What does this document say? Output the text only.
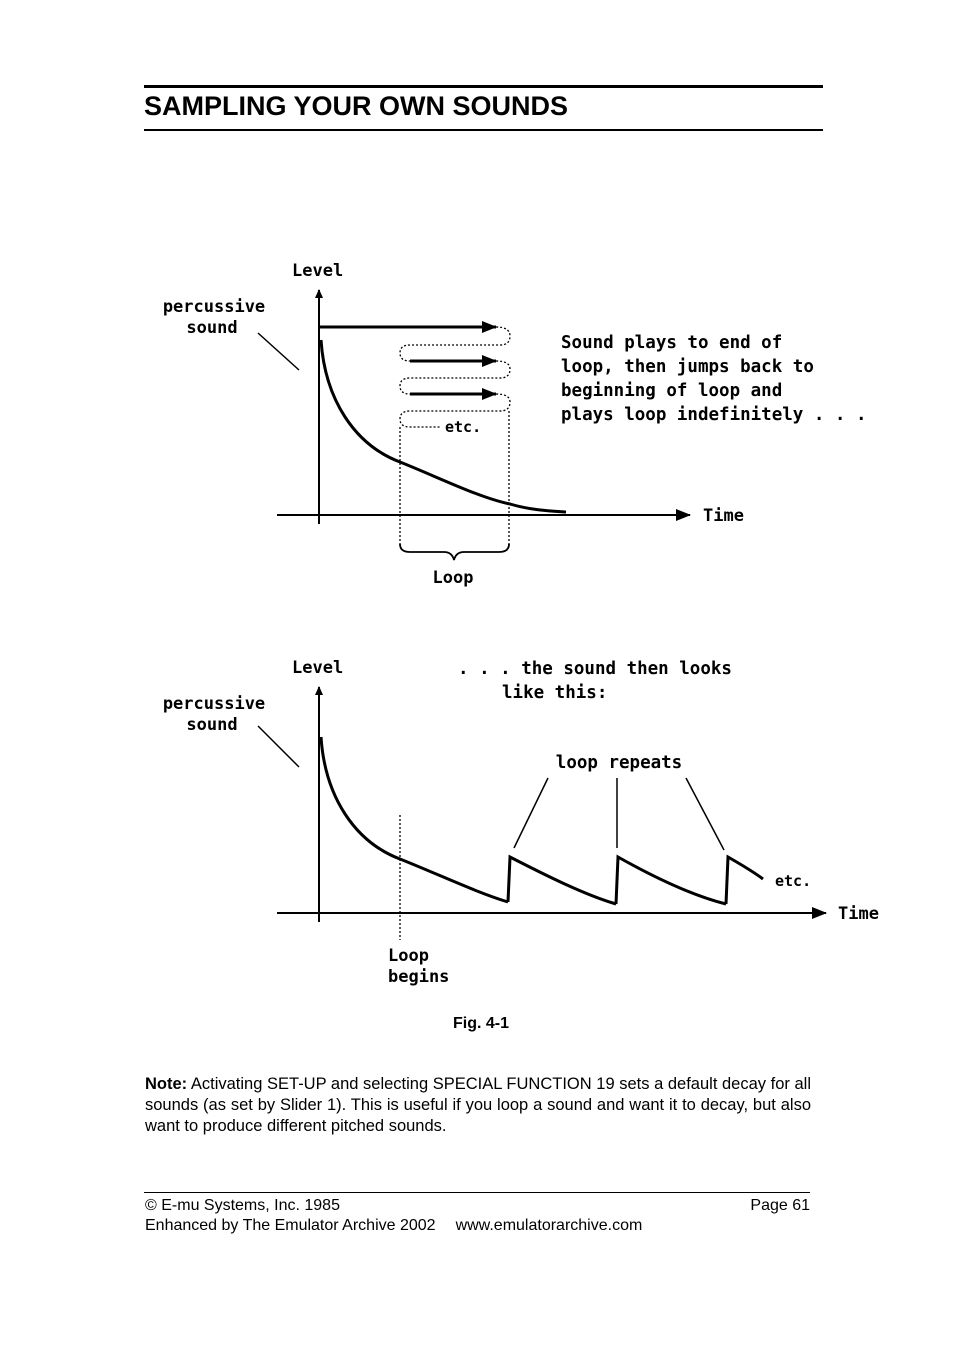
SAMPLING YOUR OWN SOUNDS
Level
percussive
sound
Time
etc.
Loop
Sound plays to end of
loop, then jumps back to
beginning of loop and
plays loop indefinitely . . .
Level
percussive
sound
. . . the sound then looks
like this:
Time
etc.
loop repeats
Loop
begins
Fig. 4-1

Note: Activating SET-UP and selecting SPECIAL FUNCTION 19 sets a default decay for all sounds (as set by Slider 1). This is useful if you loop a sound and want it to decay, but also want to produce different pitched sounds.

© E-mu Systems, Inc. 1985	Page 61
Enhanced by The Emulator Archive 2002 www.emulatorarchive.com
